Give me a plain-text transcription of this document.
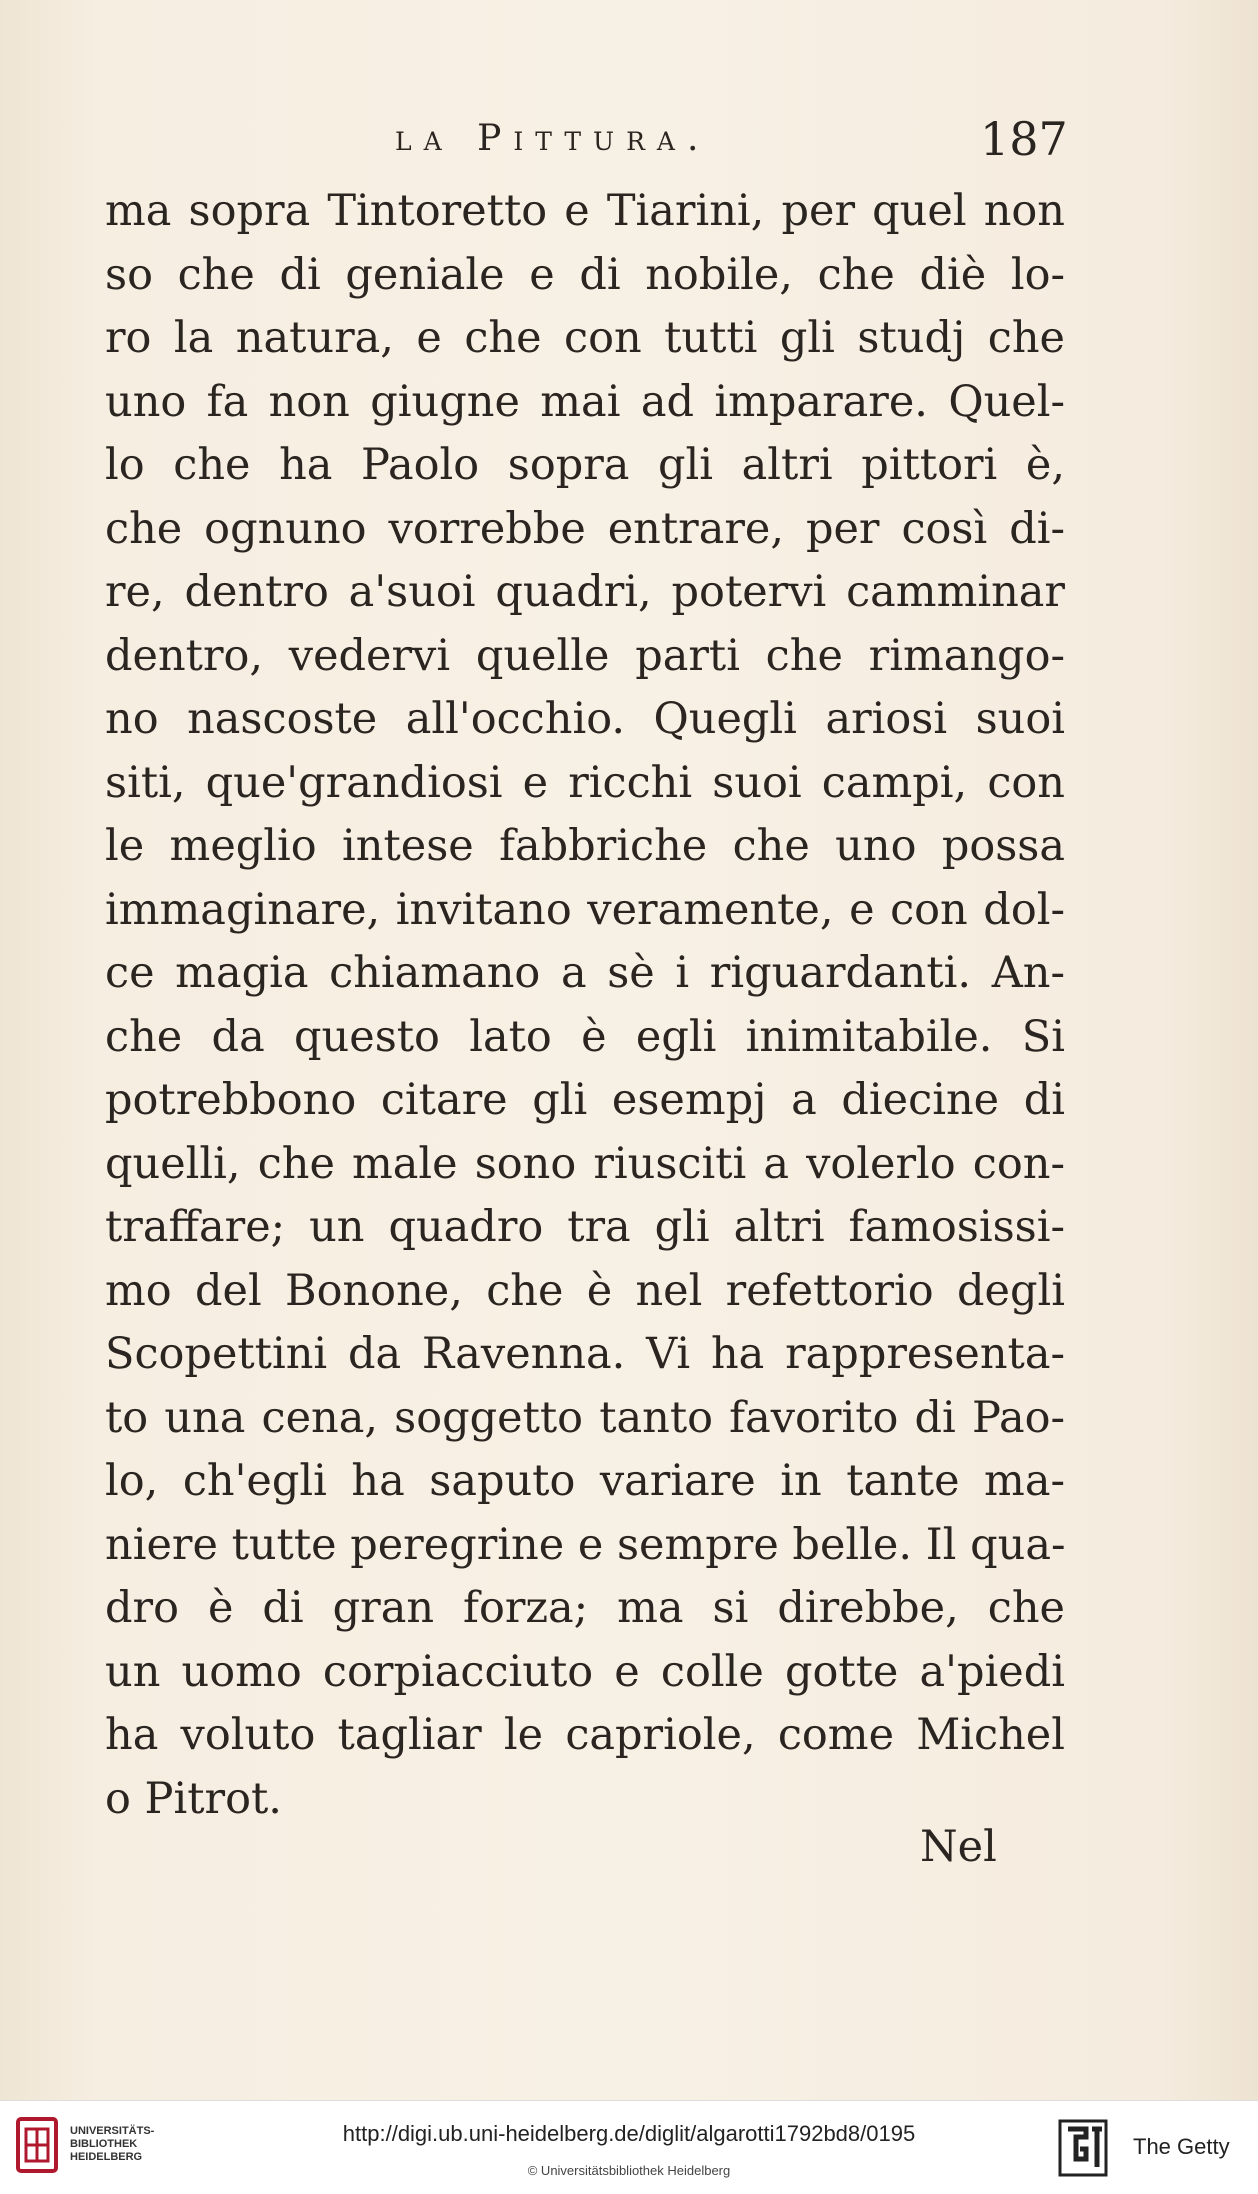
la Pittura.	187
ma sopra Tintoretto e Tiarini, per quel non
so che di geniale e di nobile, che diè lo-
ro la natura, e che con tutti gli studj che
uno fa non giugne mai ad imparare. Quel-
lo che ha Paolo sopra gli altri pittori è,
che ognuno vorrebbe entrare, per così di-
re, dentro a'suoi quadri, potervi camminar
dentro, vedervi quelle parti che rimango-
no nascoste all'occhio. Quegli ariosi suoi
siti, que'grandiosi e ricchi suoi campi, con
le meglio intese fabbriche che uno possa
immaginare, invitano veramente, e con dol-
ce magia chiamano a sè i riguardanti. An-
che da questo lato è egli inimitabile. Si
potrebbono citare gli esempj a diecine di
quelli, che male sono riusciti a volerlo con-
traffare; un quadro tra gli altri famosissi-
mo del Bonone, che è nel refettorio degli
Scopettini da Ravenna. Vi ha rappresenta-
to una cena, soggetto tanto favorito di Pao-
lo, ch'egli ha saputo variare in tante ma-
niere tutte peregrine e sempre belle. Il qua-
dro è di gran forza; ma si direbbe, che
un uomo corpiacciuto e colle gotte a'piedi
ha voluto tagliar le capriole, come Michel
o Pitrot.
Nel
UNIVERSITÄTS-
BIBLIOTHEK
HEIDELBERG
http://digi.ub.uni-heidelberg.de/diglit/algarotti1792bd8/0195
© Universitätsbibliothek Heidelberg
The Getty
